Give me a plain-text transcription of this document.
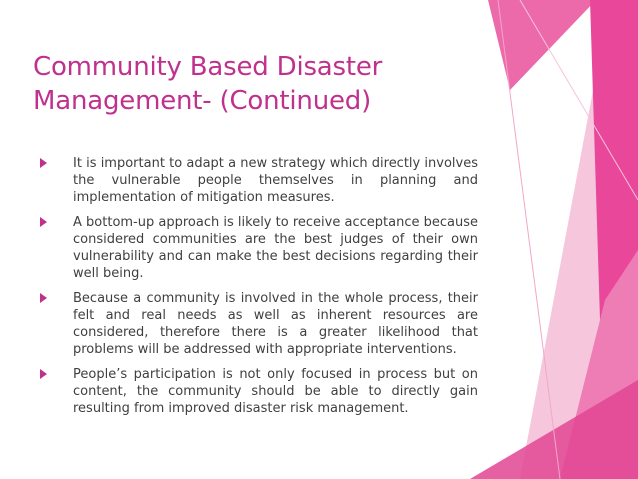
Community Based Disaster
Management- (Continued)
It is important to adapt a new strategy which directly involves the vulnerable people themselves in planning and implementation of mitigation measures.
A bottom-up approach is likely to receive acceptance because considered communities are the best judges of their own vulnerability and can make the best decisions regarding their well being.
Because a community is involved in the whole process, their felt and real needs as well as inherent resources are considered, therefore there is a greater likelihood that problems will be addressed with appropriate interventions.
People’s participation is not only focused in process but on content, the community should be able to directly gain resulting from improved disaster risk management.
